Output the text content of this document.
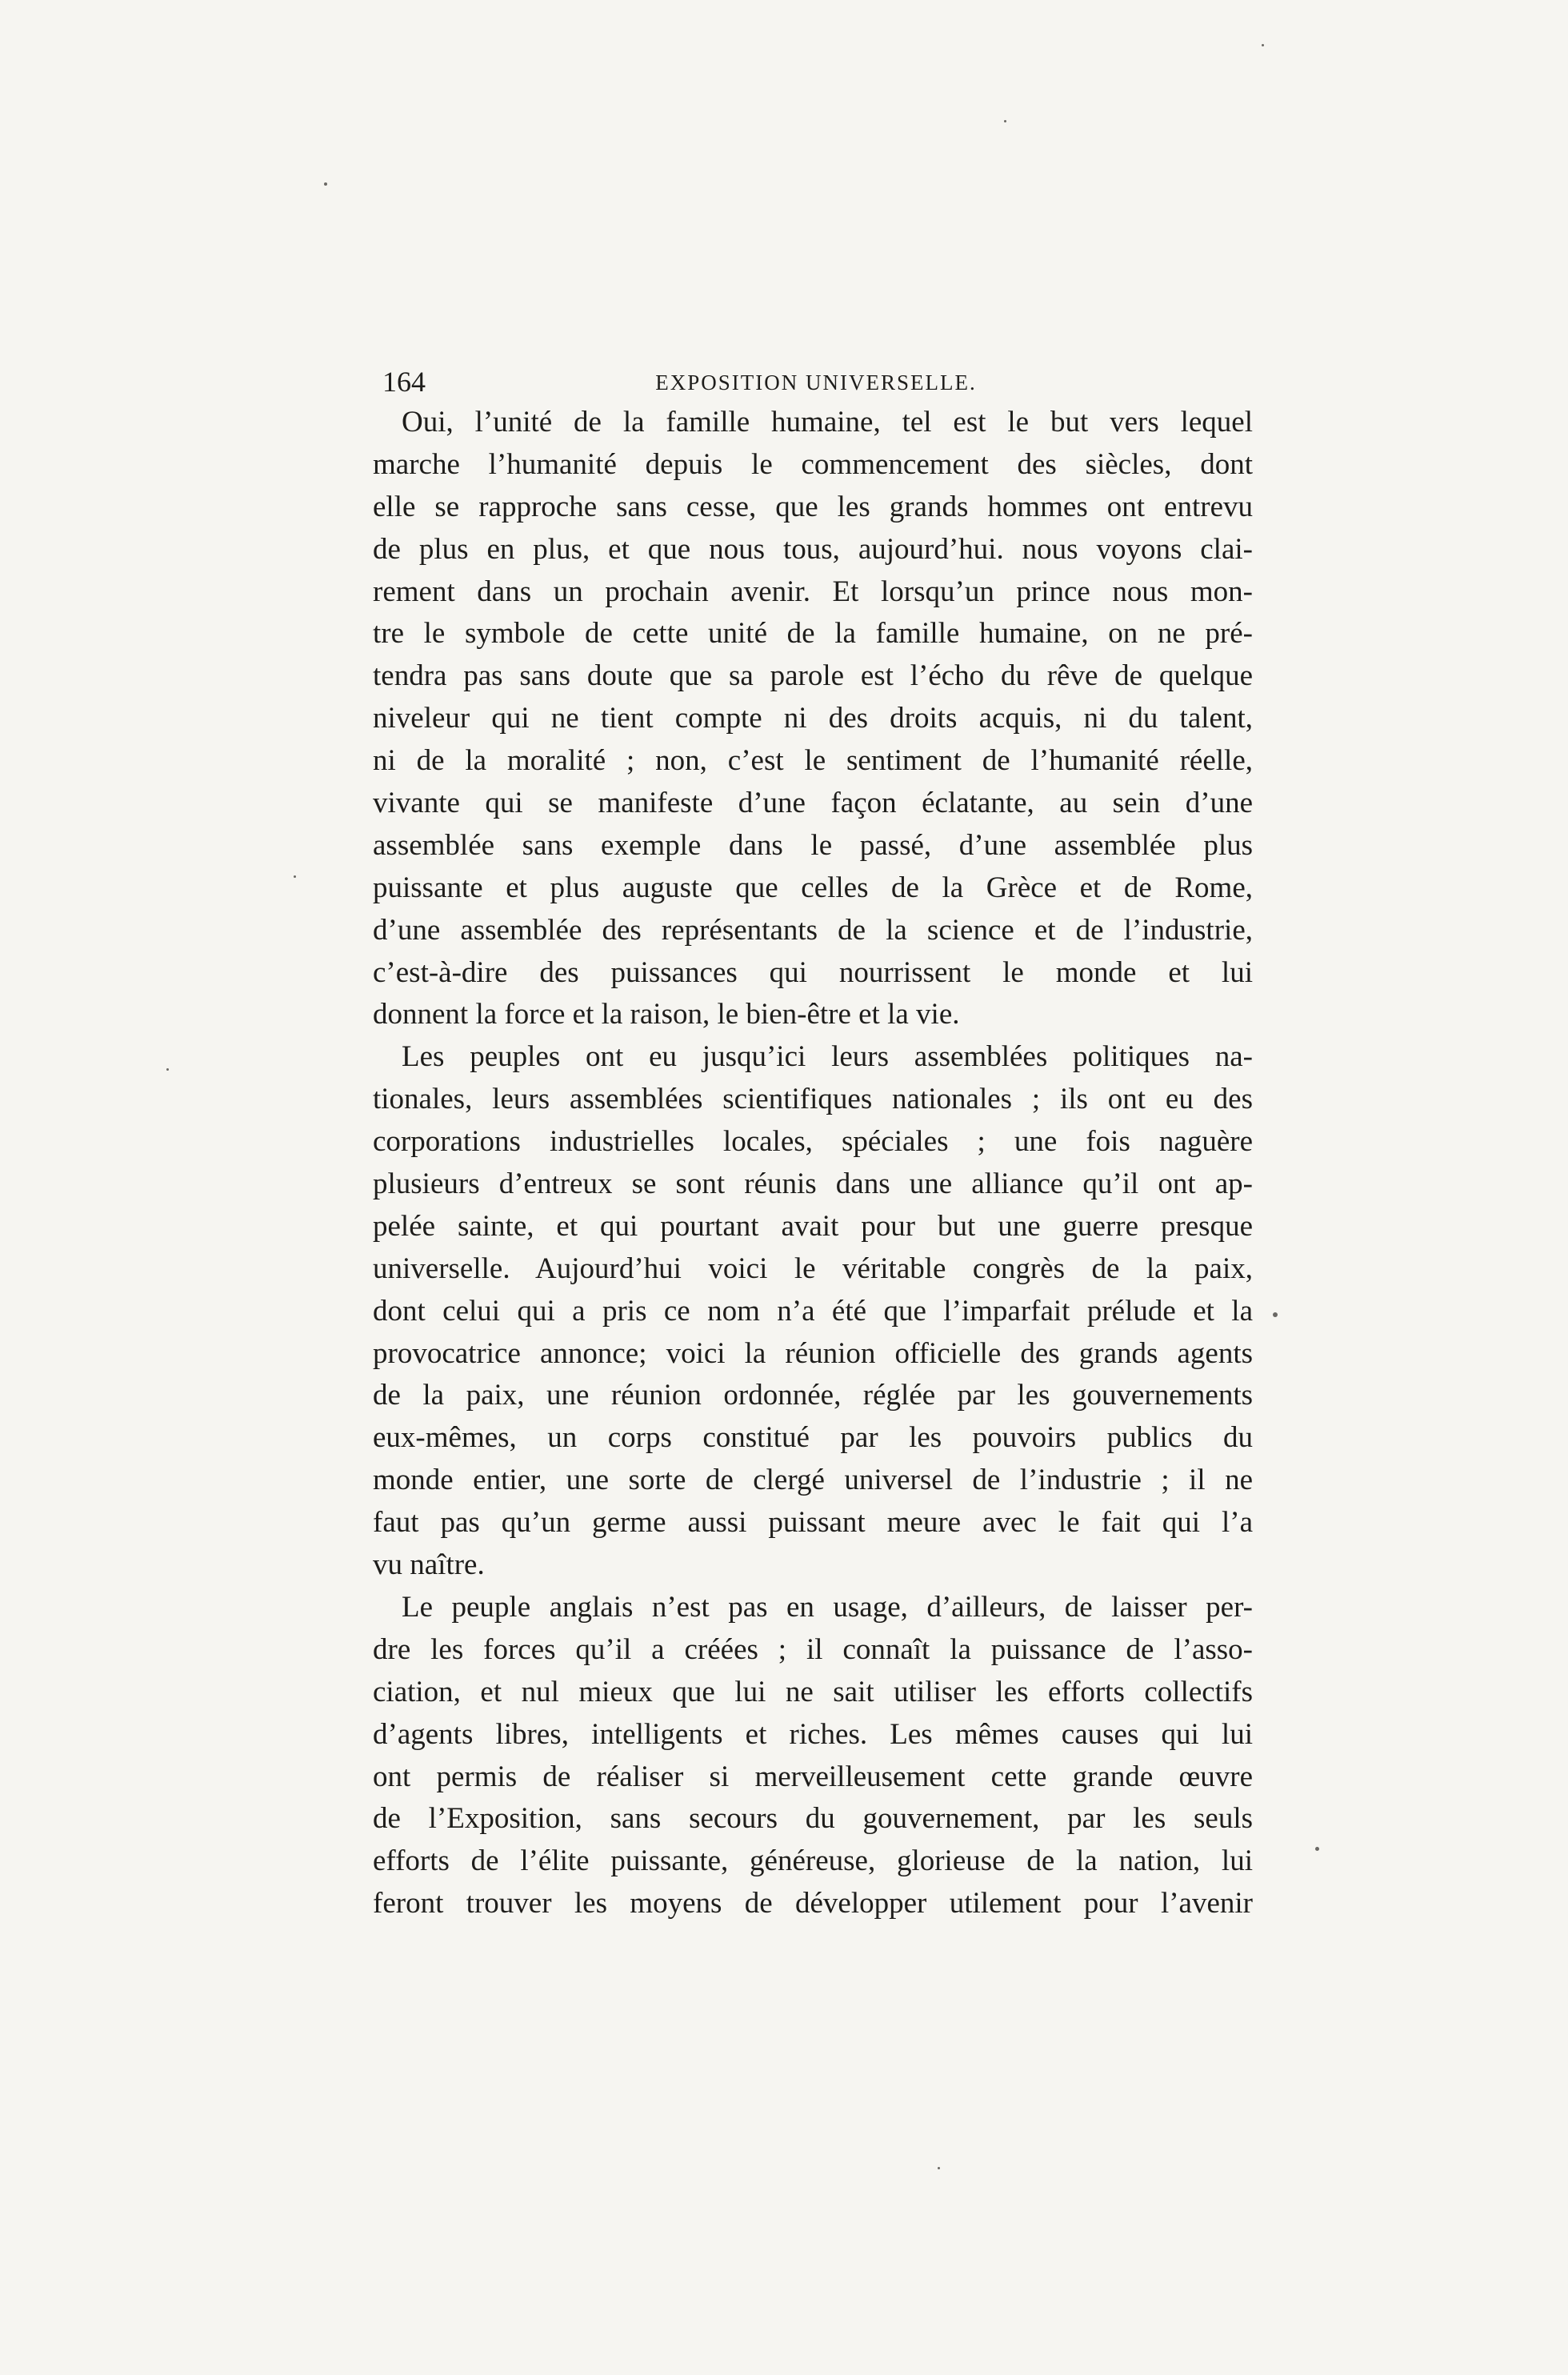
164	EXPOSITION UNIVERSELLE.

Oui, l’unité de la famille humaine, tel est le but vers lequel
marche l’humanité depuis le commencement des siècles, dont
elle se rapproche sans cesse, que les grands hommes ont entrevu
de plus en plus, et que nous tous, aujourd’hui. nous voyons clai-
rement dans un prochain avenir. Et lorsqu’un prince nous mon-
tre le symbole de cette unité de la famille humaine, on ne pré-
tendra pas sans doute que sa parole est l’écho du rêve de quelque
niveleur qui ne tient compte ni des droits acquis, ni du talent,
ni de la moralité ; non, c’est le sentiment de l’humanité réelle,
vivante qui se manifeste d’une façon éclatante, au sein d’une
assemblée sans exemple dans le passé, d’une assemblée plus
puissante et plus auguste que celles de la Grèce et de Rome,
d’une assemblée des représentants de la science et de l’industrie,
c’est-à-dire des puissances qui nourrissent le monde et lui
donnent la force et la raison, le bien-être et la vie.

Les peuples ont eu jusqu’ici leurs assemblées politiques na-
tionales, leurs assemblées scientifiques nationales ; ils ont eu des
corporations industrielles locales, spéciales ; une fois naguère
plusieurs d’entreux se sont réunis dans une alliance qu’il ont ap-
pelée sainte, et qui pourtant avait pour but une guerre presque
universelle. Aujourd’hui voici le véritable congrès de la paix,
dont celui qui a pris ce nom n’a été que l’imparfait prélude et la
provocatrice annonce; voici la réunion officielle des grands agents
de la paix, une réunion ordonnée, réglée par les gouvernements
eux-mêmes, un corps constitué par les pouvoirs publics du
monde entier, une sorte de clergé universel de l’industrie ; il ne
faut pas qu’un germe aussi puissant meure avec le fait qui l’a
vu naître.

Le peuple anglais n’est pas en usage, d’ailleurs, de laisser per-
dre les forces qu’il a créées ; il connaît la puissance de l’asso-
ciation, et nul mieux que lui ne sait utiliser les efforts collectifs
d’agents libres, intelligents et riches. Les mêmes causes qui lui
ont permis de réaliser si merveilleusement cette grande œuvre
de l’Exposition, sans secours du gouvernement, par les seuls
efforts de l’élite puissante, généreuse, glorieuse de la nation, lui
feront trouver les moyens de développer utilement pour l’avenir
